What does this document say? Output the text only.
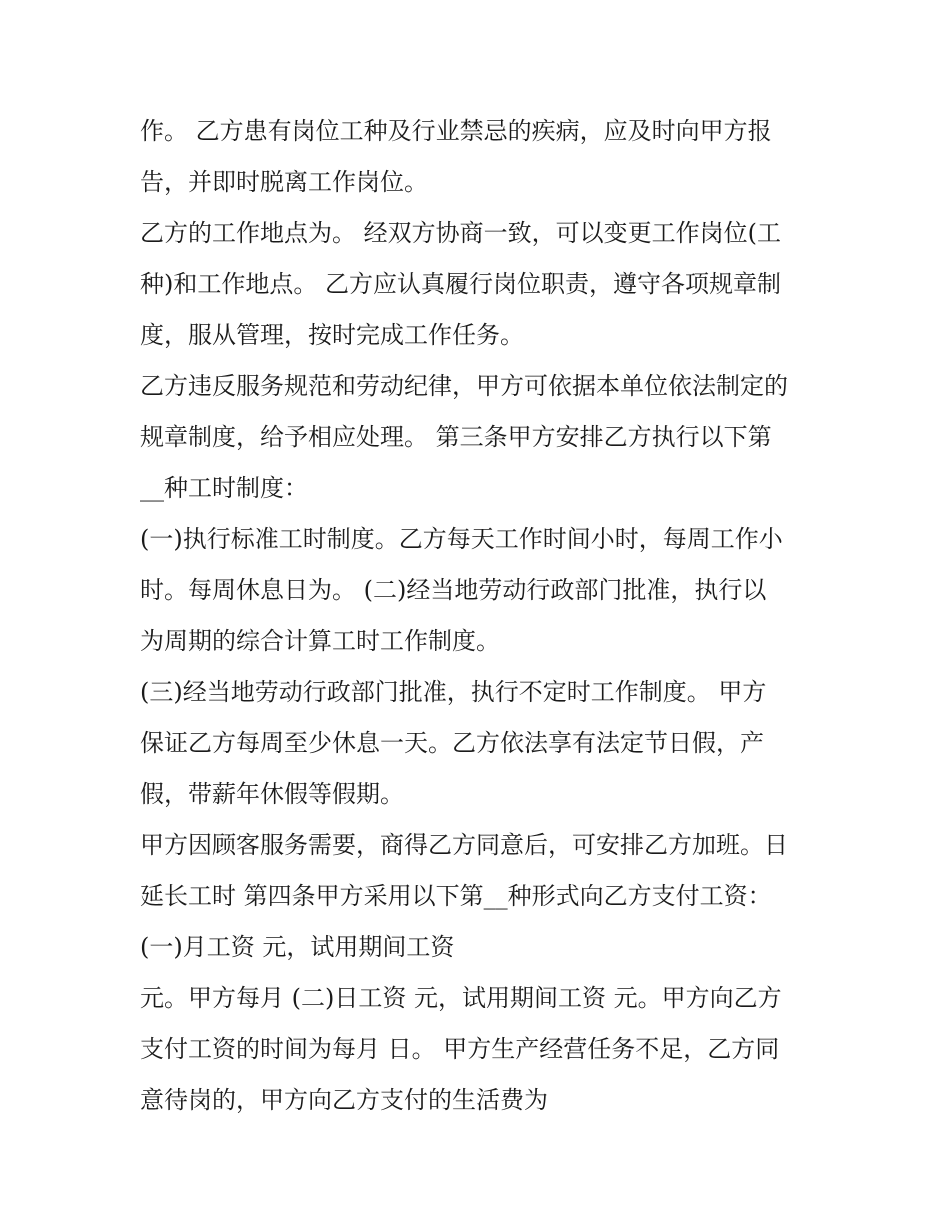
作。 乙方患有岗位工种及行业禁忌的疾病，应及时向甲方报
告，并即时脱离工作岗位。
乙方的工作地点为。 经双方协商一致，可以变更工作岗位(工
种)和工作地点。 乙方应认真履行岗位职责，遵守各项规章制
度，服从管理，按时完成工作任务。
乙方违反服务规范和劳动纪律，甲方可依据本单位依法制定的
规章制度，给予相应处理。 第三条甲方安排乙方执行以下第
__种工时制度：
(一)执行标准工时制度。乙方每天工作时间小时，每周工作小
时。每周休息日为。 (二)经当地劳动行政部门批准，执行以
为周期的综合计算工时工作制度。
(三)经当地劳动行政部门批准，执行不定时工作制度。 甲方
保证乙方每周至少休息一天。乙方依法享有法定节日假，产
假，带薪年休假等假期。
甲方因顾客服务需要，商得乙方同意后，可安排乙方加班。日
延长工时 第四条甲方采用以下第__种形式向乙方支付工资：
(一)月工资 元，试用期间工资
元。甲方每月 (二)日工资 元，试用期间工资 元。甲方向乙方
支付工资的时间为每月 日。 甲方生产经营任务不足，乙方同
意待岗的，甲方向乙方支付的生活费为
